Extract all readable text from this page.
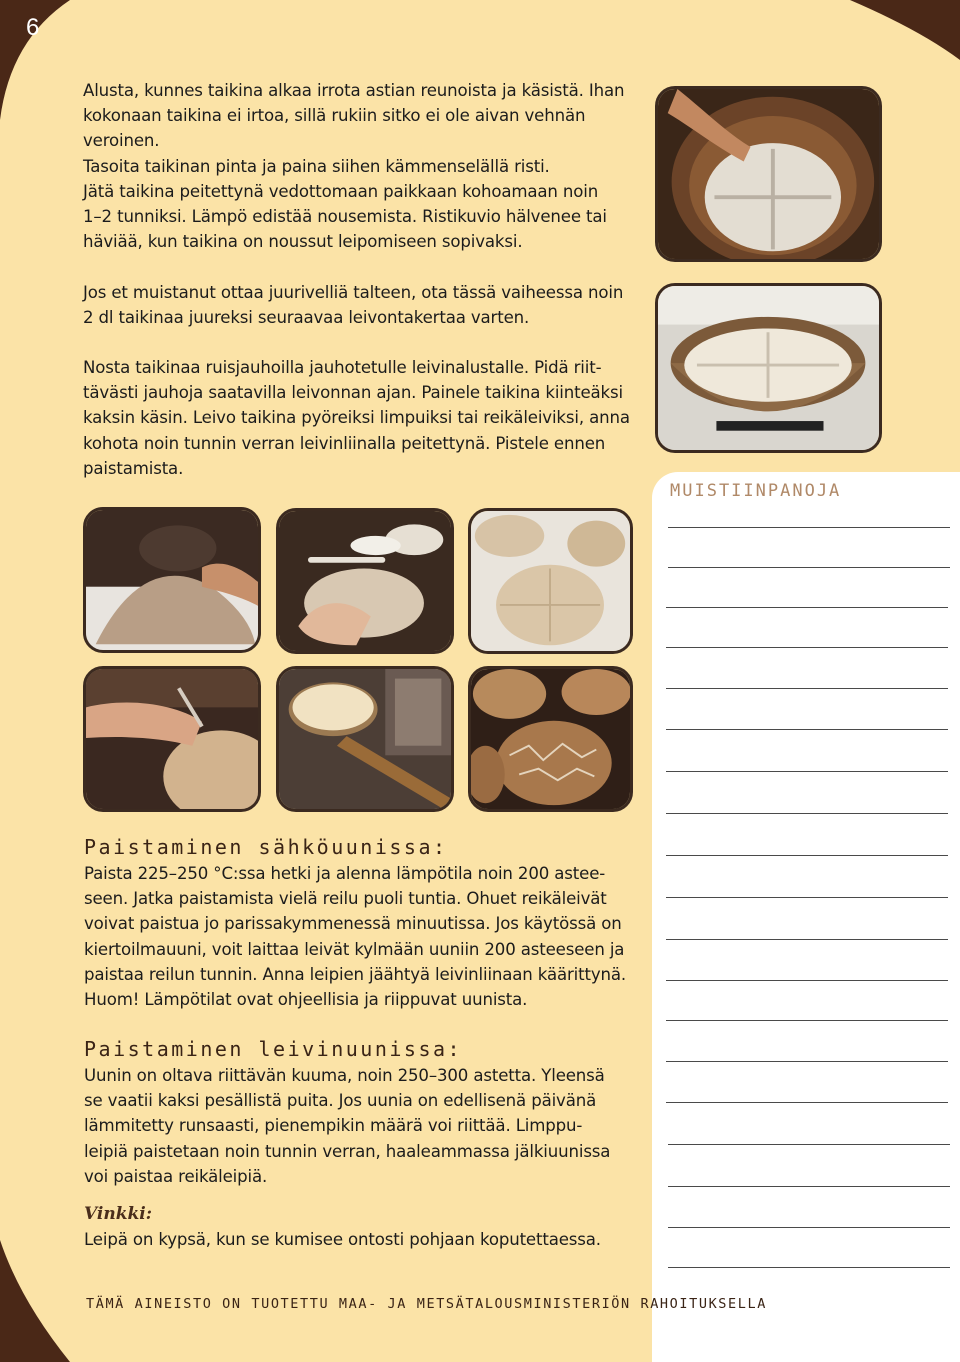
6
Alusta, kunnes taikina alkaa irrota astian reunoista ja käsistä. Ihan
kokonaan taikina ei irtoa, sillä rukiin sitko ei ole aivan vehnän
veroinen.
Tasoita taikinan pinta ja paina siihen kämmenselällä risti.
Jätä taikina peitettynä vedottomaan paikkaan kohoamaan noin
1–2 tunniksi. Lämpö edistää nousemista. Ristikuvio hälvenee tai
häviää, kun taikina on noussut leipomiseen sopivaksi.
Jos et muistanut ottaa juurivelliä talteen, ota tässä vaiheessa noin
2 dl taikinaa juureksi seuraavaa leivontakertaa varten.
Nosta taikinaa ruisjauhoilla jauhotetulle leivinalustalle. Pidä riit-
tävästi jauhoja saatavilla leivonnan ajan. Painele taikina kiinteäksi
kaksin käsin. Leivo taikina pyöreiksi limpuiksi tai reikäleiviksi, anna
kohota noin tunnin verran leivinliinalla peitettynä. Pistele ennen
paistamista.
MUISTIINPANOJA
Paistaminen sähköuunissa:
Paista 225–250 °C:ssa hetki ja alenna lämpötila noin 200 astee-
seen. Jatka paistamista vielä reilu puoli tuntia. Ohuet reikäleivät
voivat paistua jo parissakymmenessä minuutissa. Jos käytössä on
kiertoilmauuni, voit laittaa leivät kylmään uuniin 200 asteeseen ja
paistaa reilun tunnin. Anna leipien jäähtyä leivinliinaan käärittynä.
Huom! Lämpötilat ovat ohjeellisia ja riippuvat uunista.
Paistaminen leivinuunissa:
Uunin on oltava riittävän kuuma, noin 250–300 astetta. Yleensä
se vaatii kaksi pesällistä puita. Jos uunia on edellisenä päivänä
lämmitetty runsaasti, pienempikin määrä voi riittää. Limppu-
leipiä paistetaan noin tunnin verran, haaleammassa jälkiuunissa
voi paistaa reikäleipiä.
Vinkki:
Leipä on kypsä, kun se kumisee ontosti pohjaan koputettaessa.
TÄMÄ AINEISTO ON TUOTETTU MAA- JA METSÄTALOUSMINISTERIÖN RAHOITUKSELLA
